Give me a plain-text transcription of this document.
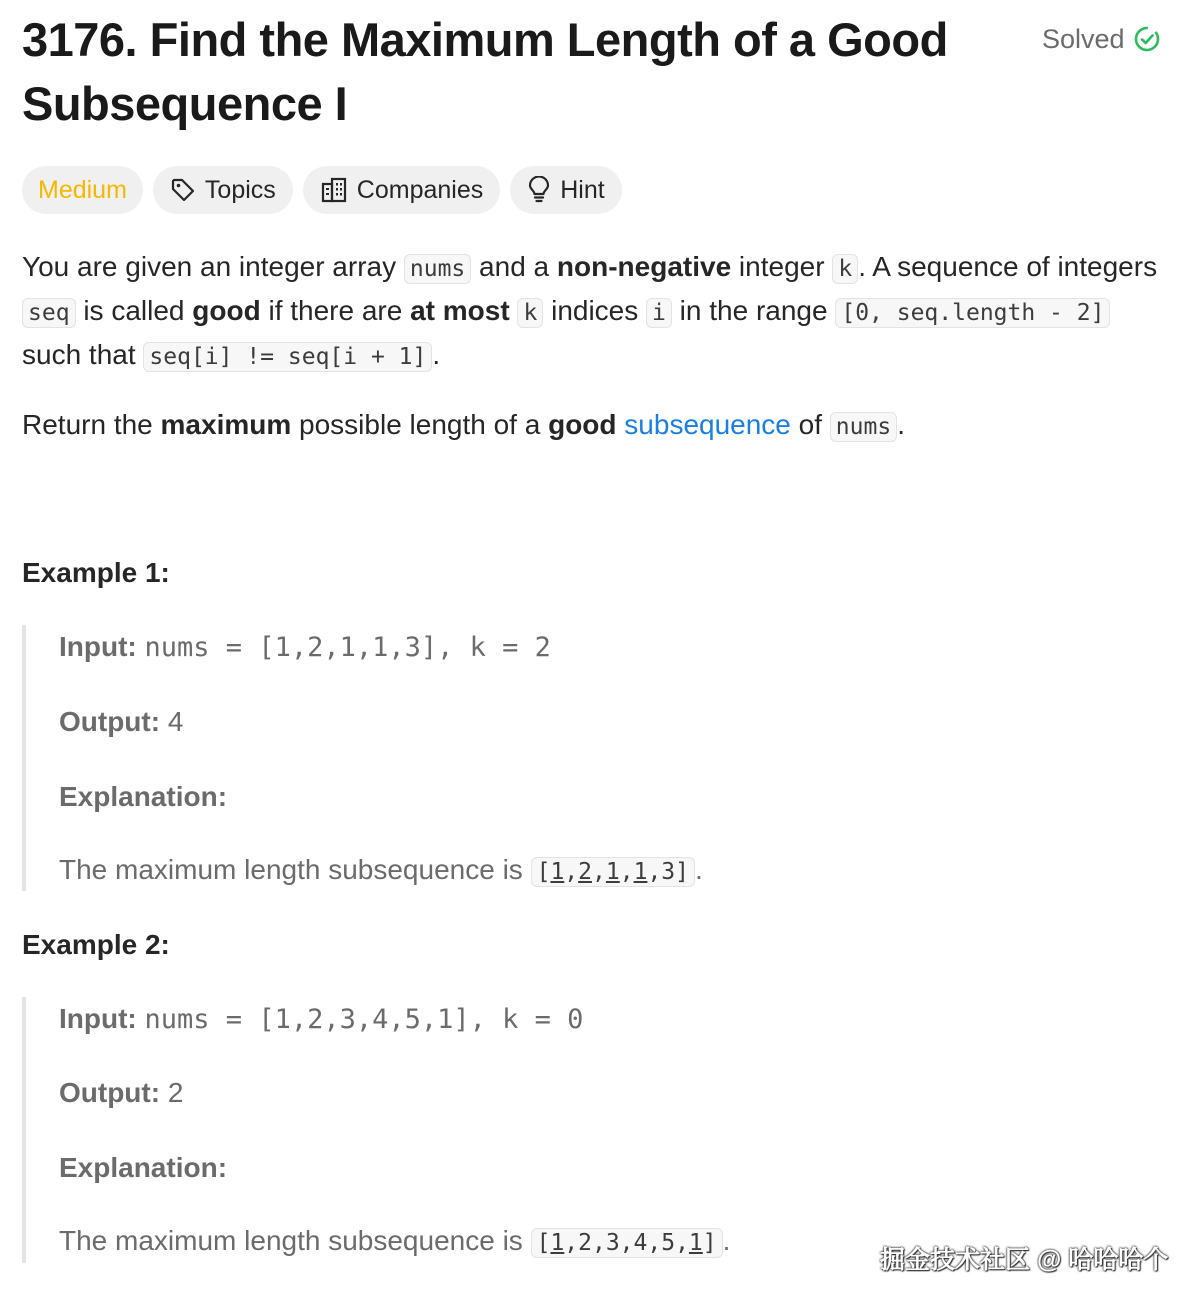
3176. Find the Maximum Length of a Good Subsequence I
Solved
Medium	Topics	Companies	Hint
You are given an integer array nums and a non-negative integer k . A sequence of integers seq is called good if there are at most k indices i in the range [0, seq.length - 2] such that seq[i] != seq[i + 1] .
Return the maximum possible length of a good subsequence of nums .
Example 1:
Input: nums = [1,2,1,1,3], k = 2
Output: 4
Explanation:
The maximum length subsequence is [1,2,1,1,3] .
Example 2:
Input: nums = [1,2,3,4,5,1], k = 0
Output: 2
Explanation:
The maximum length subsequence is [1,2,3,4,5,1] .
掘金技术社区 @ 哈哈哈个
